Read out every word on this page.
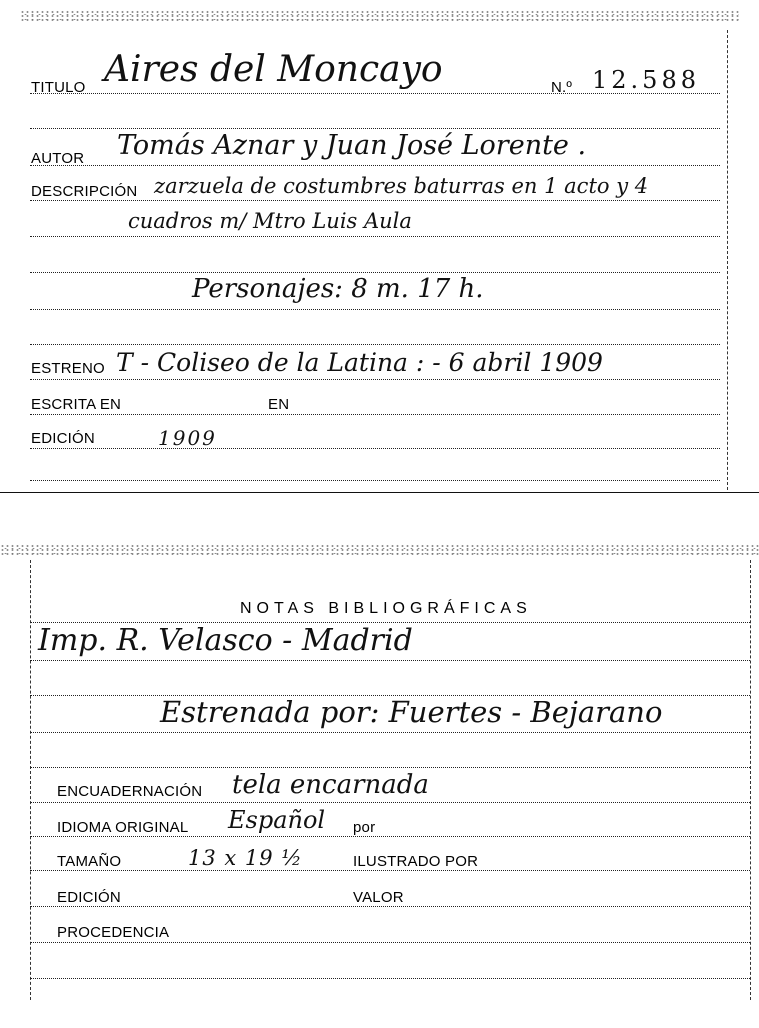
TITULO Aires del Moncayo	N.º 12.588
AUTOR Tomás Aznar y Juan José Lorente .
DESCRIPCIÓN zarzuela de costumbres baturras en 1 acto y 4
cuadros m/ Mtro Luis Aula
Personajes: 8 m. 17 h.
ESTRENO T - Coliseo de la Latina : - 6 abril 1909
ESCRITA EN	EN
EDICIÓN	1909
NOTAS BIBLIOGRÁFICAS
Imp. R. Velasco - Madrid
Estrenada por: Fuertes - Bejarano
ENCUADERNACIÓN tela encarnada
IDIOMA ORIGINAL Español por
TAMAÑO	13 x 19 ½	ILUSTRADO POR
EDICIÓN	VALOR
PROCEDENCIA
